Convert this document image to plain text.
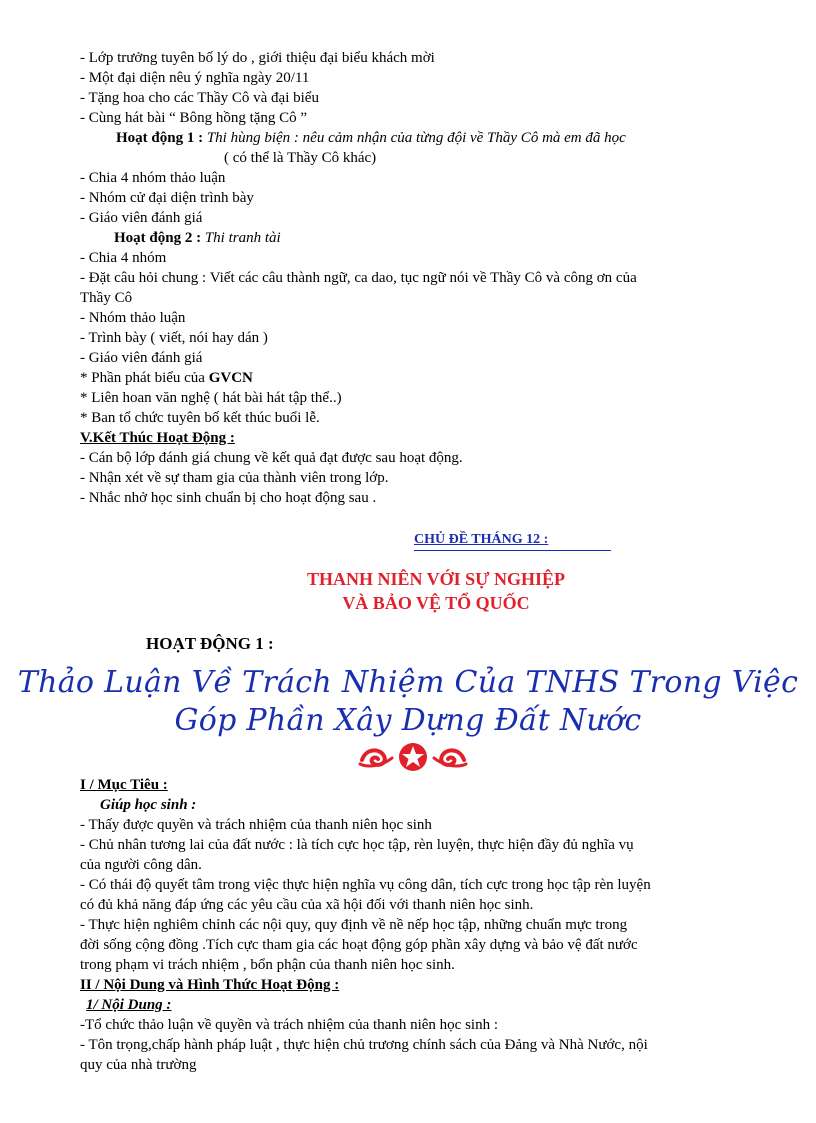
- Lớp trưởng tuyên bố lý do , giới thiệu đại biểu khách mời
- Một đại diện nêu ý nghĩa ngày 20/11
- Tặng hoa cho các Thầy Cô và đại biểu
- Cùng hát bài “ Bông hồng tặng Cô ”
Hoạt động 1 : Thi hùng biện : nêu cảm nhận của từng đội về Thầy Cô mà em đã học
( có thể là Thầy Cô khác)
- Chia 4 nhóm thảo luận
- Nhóm cử đại diện trình bày
- Giáo viên đánh giá
Hoạt động 2 : Thi tranh tài
- Chia 4 nhóm
- Đặt câu hỏi chung : Viết các câu thành ngữ, ca dao, tục ngữ nói về Thầy Cô và công ơn của
Thầy Cô
- Nhóm thảo luận
- Trình bày ( viết, nói hay dán )
- Giáo viên đánh giá
* Phần phát biểu của GVCN
* Liên hoan văn nghệ ( hát bài hát tập thể..)
* Ban tổ chức tuyên bố kết thúc buổi lễ.
V.Kết Thúc Hoạt Động :
- Cán bộ lớp đánh giá chung về kết quả đạt được sau hoạt động.
- Nhận xét về sự tham gia của thành viên trong lớp.
- Nhắc nhở học sinh chuẩn bị cho hoạt động sau .
CHỦ ĐỀ THÁNG 12 :
THANH NIÊN VỚI SỰ NGHIỆP
VÀ BẢO VỆ TỔ QUỐC
HOẠT ĐỘNG 1 :
Thảo Luận Về Trách Nhiệm Của TNHS Trong Việc
Góp Phần Xây Dựng Đất Nước
I / Mục Tiêu :
Giúp học sinh :
- Thấy được quyền và trách nhiệm của thanh niên học sinh
- Chủ nhân tương lai của đất nước : là tích cực học tập, rèn luyện, thực hiện đầy đủ nghĩa vụ
của người công dân.
- Có thái độ quyết tâm trong việc thực hiện nghĩa vụ công dân, tích cực trong học tập rèn luyện
có đủ khả năng đáp ứng các yêu cầu của xã hội đối với thanh niên học sinh.
- Thực hiện nghiêm chỉnh các nội quy, quy định về nề nếp học tập, những chuẩn mực trong
đời sống cộng đồng .Tích cực tham gia các hoạt động góp phần xây dựng và bảo vệ đất nước
trong phạm vi trách nhiệm , bổn phận của thanh niên học sinh.
II / Nội Dung và Hình Thức Hoạt Động :
1/ Nội Dung :
-Tổ chức thảo luận về quyền và trách nhiệm của thanh niên học sinh :
- Tôn trọng,chấp hành pháp luật , thực hiện chủ trương chính sách của Đảng và Nhà Nước, nội
quy của nhà trường
